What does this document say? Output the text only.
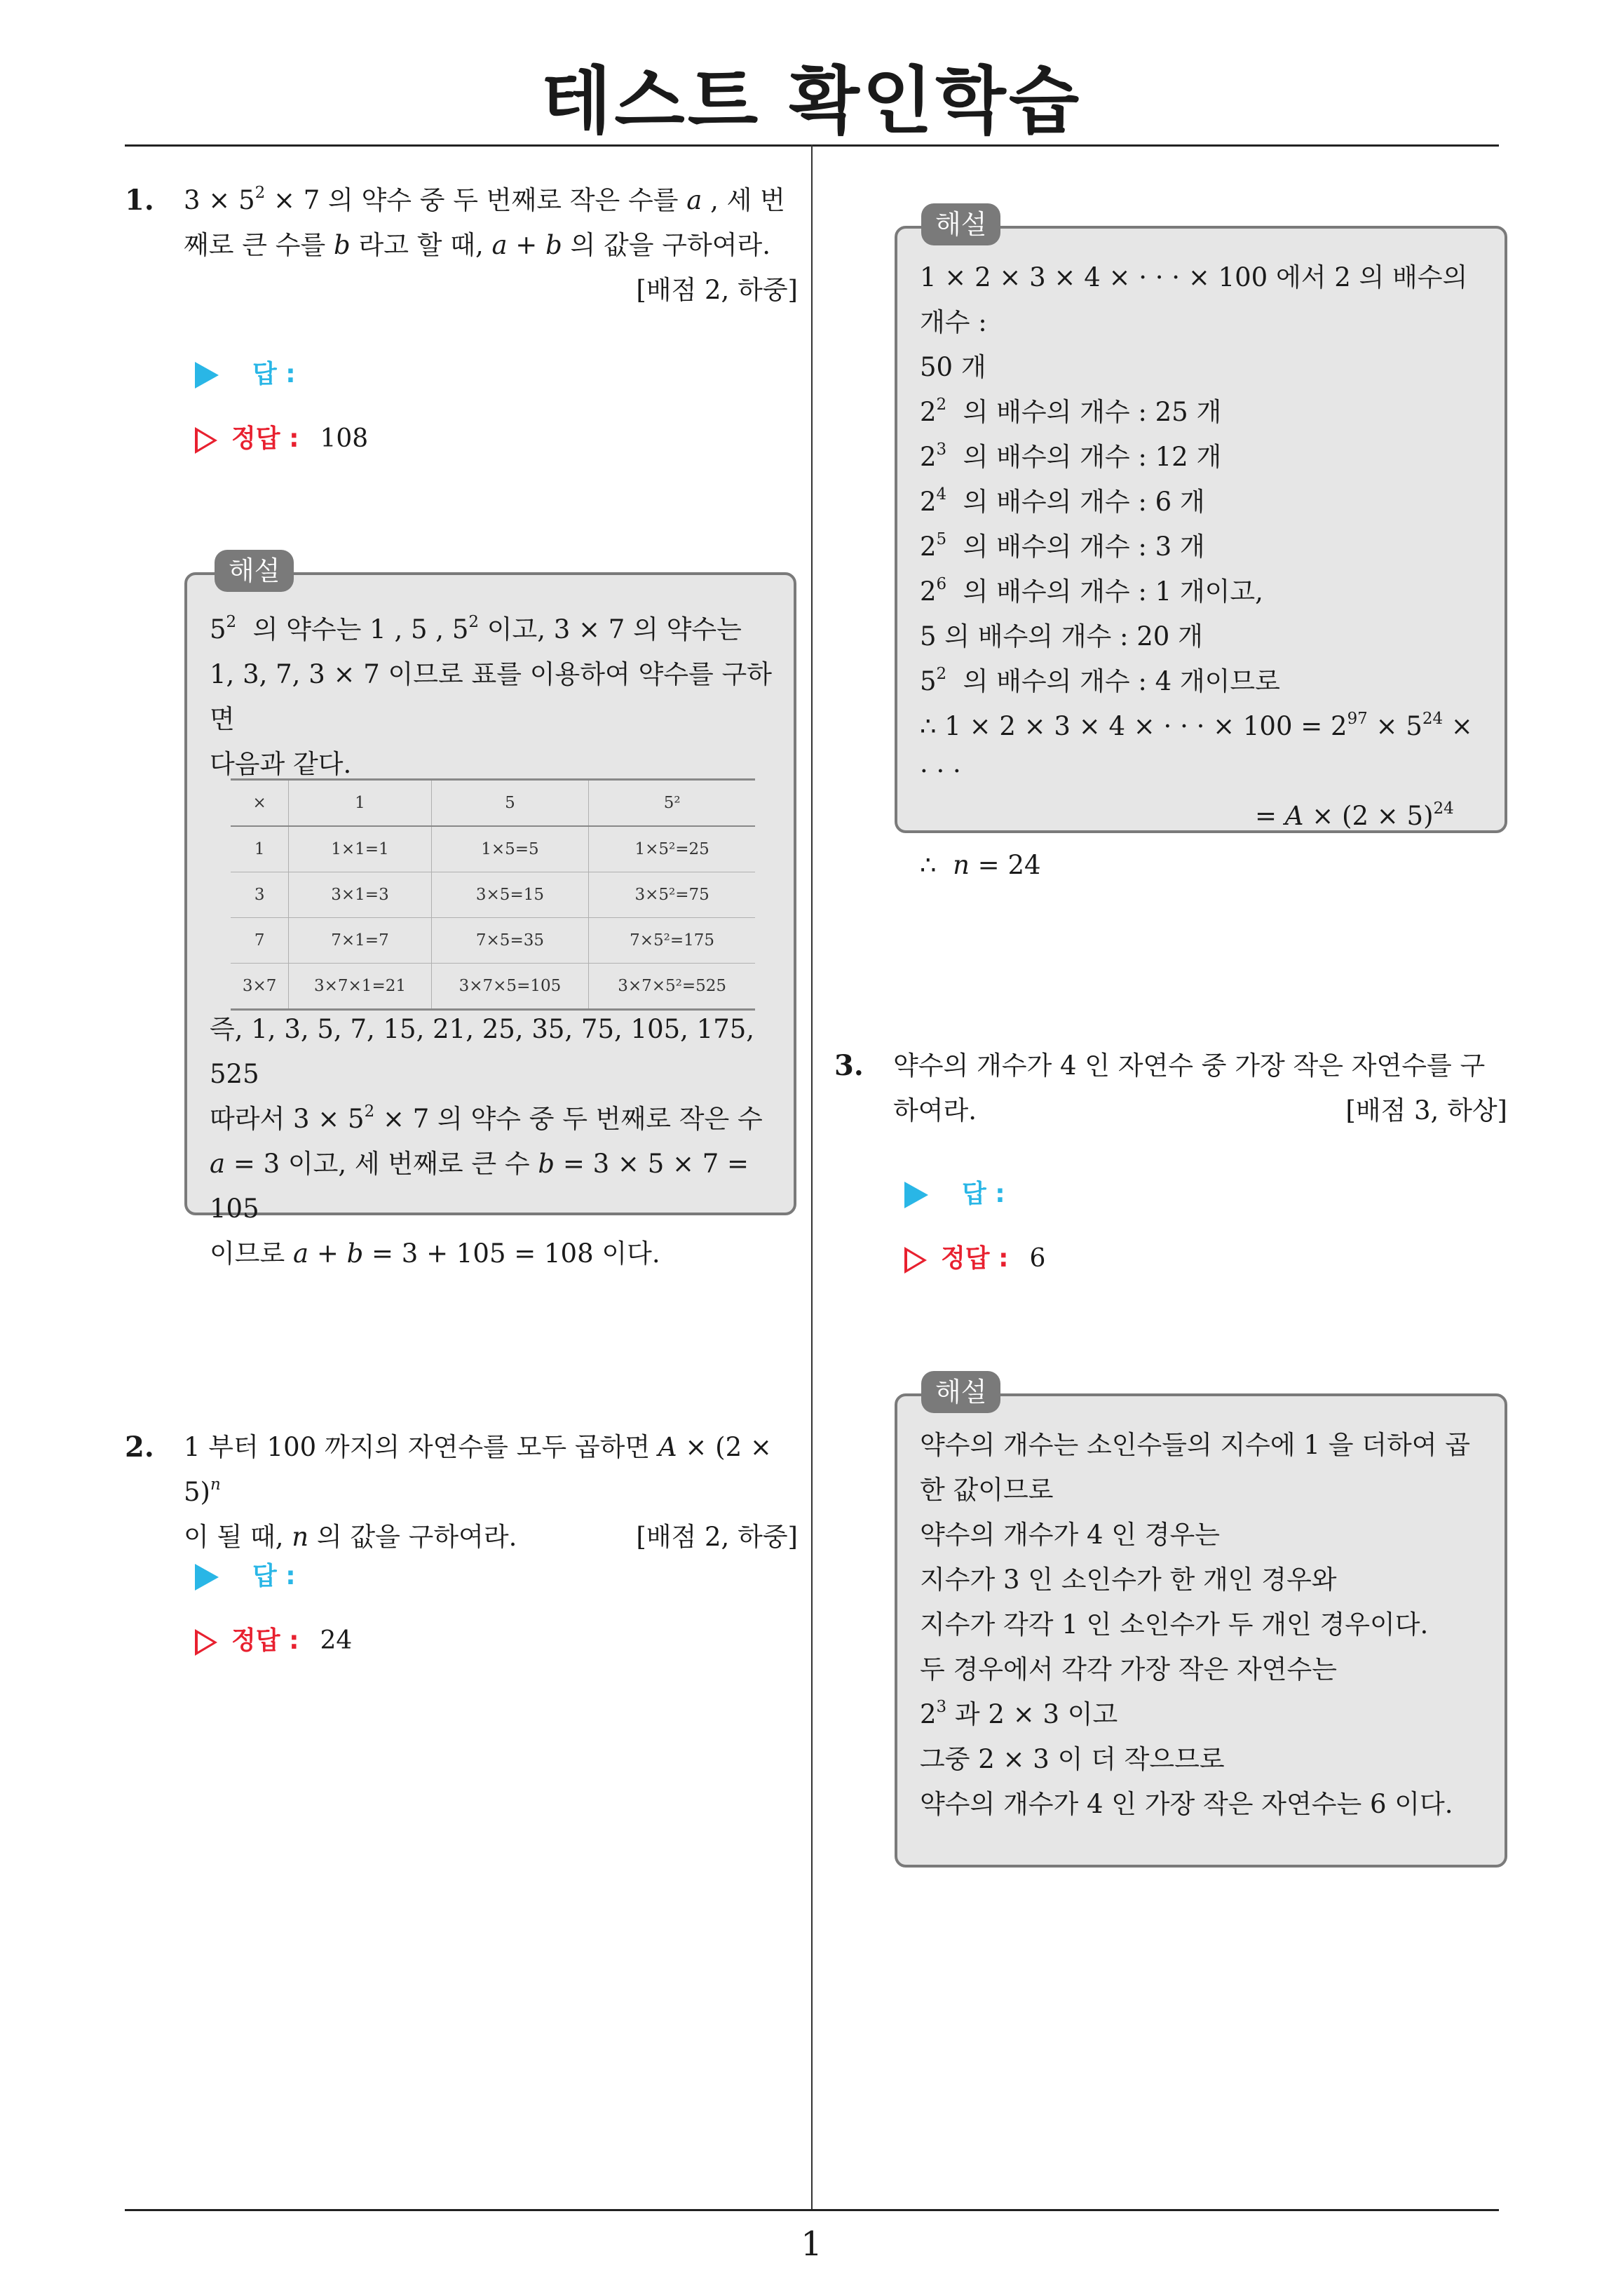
테스트 확인학습
1. $3 \times 5^2 \times 7$ 의 약수 중 두 번째로 작은 수를 a , 세 번
째로 큰 수를 b 라고 할 때, a + b 의 값을 구하여라.
[배점 2, 하중]
답 :
정답 : 108

$5^2$ 의 약수는 1 , 5 , $5^2$ 이고, 3 × 7 의 약수는

1, 3, 7, 3 × 7 이므로 표를 이용하여 약수를 구하면

다음과 같다.

×	1	5	5²
1	1×1=1	1×5=5	1×5²=25
3	3×1=3	3×5=15	3×5²=75
7	7×1=7	7×5=35	7×5²=175
3×7	3×7×1=21	3×7×5=105	3×7×5²=525

즉, 1, 3, 5, 7, 15, 21, 25, 35, 75, 105, 175, 525

따라서 $3 \times 5^2 \times 7$ 의 약수 중 두 번째로 작은 수

a = 3 이고, 세 번째로 큰 수 b = 3 × 5 × 7 = 105

이므로 a + b = 3 + 105 = 108 이다.

해설
2. 1 부터 100 까지의 자연수를 모두 곱하면 $A \times (2 \times 5)^n$
이 될 때, n 의 값을 구하여라.	[배점 2, 하중]
답 :
정답 : 24

1 × 2 × 3 × 4 × · · · × 100 에서 2 의 배수의 개수 :

50 개

$2^2$ 의 배수의 개수 : 25 개

$2^3$ 의 배수의 개수 : 12 개

$2^4$ 의 배수의 개수 : 6 개

$2^5$ 의 배수의 개수 : 3 개

$2^6$ 의 배수의 개수 : 1 개이고,

5 의 배수의 개수 : 20 개

$5^2$ 의 배수의 개수 : 4 개이므로

∴ 1 × 2 × 3 × 4 × · · · × $100 = 2^{97} \times 5^{24}$ × · · ·

= $A \times (2 \times 5)^{24}$

∴ n = 24

해설
3. 약수의 개수가 4 인 자연수 중 가장 작은 자연수를 구
하여라.	[배점 3, 하상]
답 :
정답 : 6

약수의 개수는 소인수들의 지수에 1 을 더하여 곱

한 값이므로

약수의 개수가 4 인 경우는

지수가 3 인 소인수가 한 개인 경우와

지수가 각각 1 인 소인수가 두 개인 경우이다.

두 경우에서 각각 가장 작은 자연수는

$2^3$ 과 2 × 3 이고

그중 2 × 3 이 더 작으므로

약수의 개수가 4 인 가장 작은 자연수는 6 이다.

해설
1
